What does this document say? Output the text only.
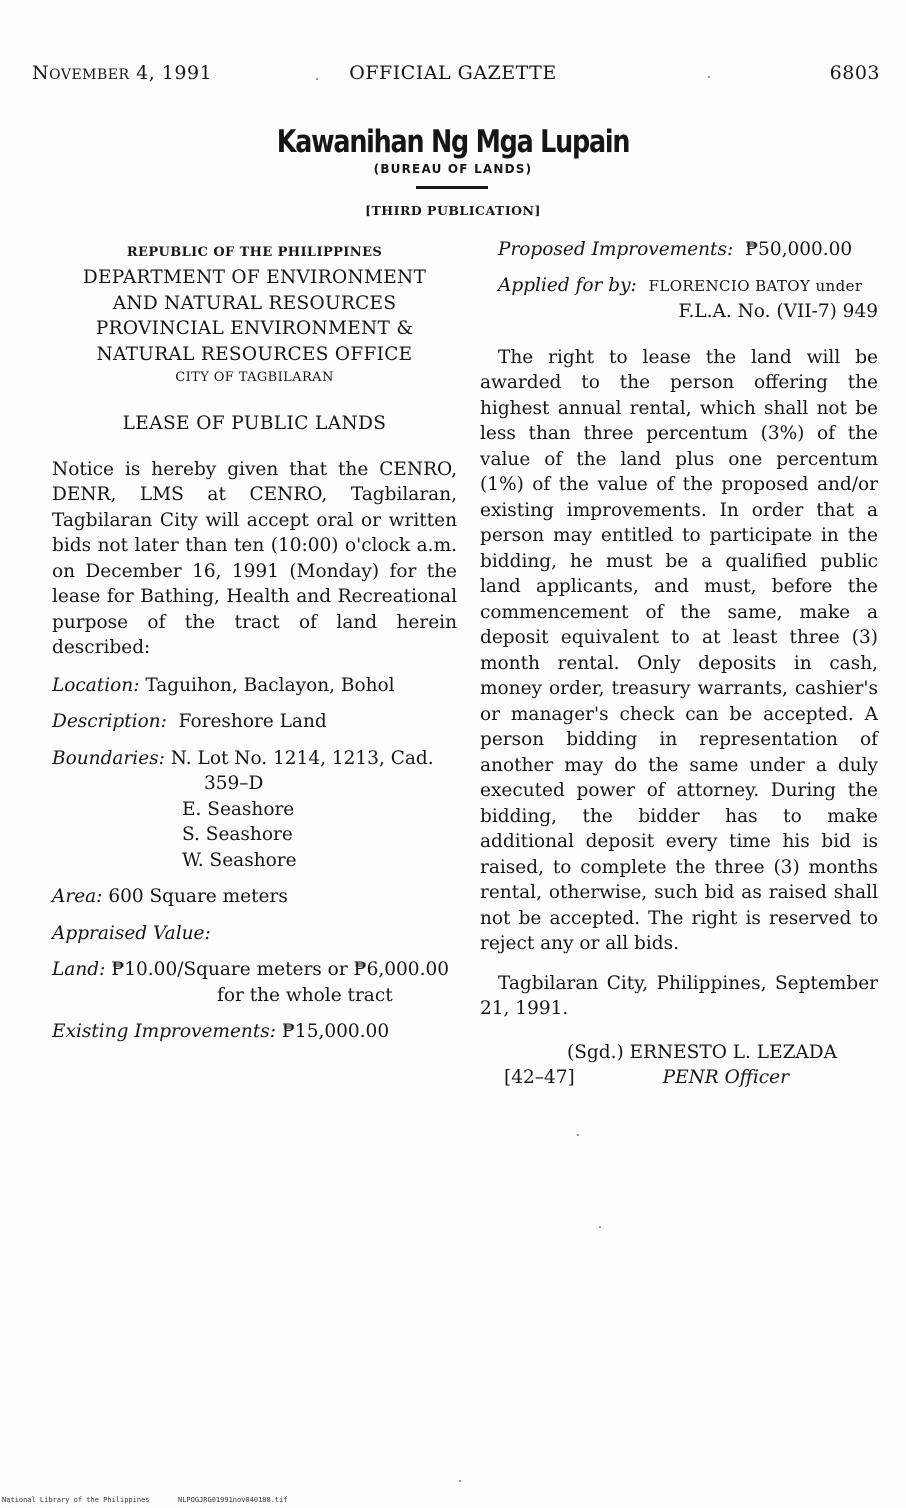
NOVEMBER 4, 1991	OFFICIAL GAZETTE	6803
Kawanihan Ng Mga Lupain
(BUREAU OF LANDS)
[THIRD PUBLICATION]
REPUBLIC OF THE PHILIPPINES
DEPARTMENT OF ENVIRONMENT
AND NATURAL RESOURCES
PROVINCIAL ENVIRONMENT &
NATURAL RESOURCES OFFICE
CITY OF TAGBILARAN
LEASE OF PUBLIC LANDS
Notice is hereby given that the CENRO, DENR, LMS at CENRO, Tagbilaran, Tagbilaran City will accept oral or written bids not later than ten (10:00) o'clock a.m. on December 16, 1991 (Monday) for the lease for Bathing, Health and Recreational purpose of the tract of land herein described:
Location: Taguihon, Baclayon, Bohol
Description: Foreshore Land
Boundaries: N. Lot No. 1214, 1213, Cad.
359–D
E. Seashore
S. Seashore
W. Seashore
Area: 600 Square meters
Appraised Value:
Land: ₱10.00/Square meters or ₱6,000.00
for the whole tract
Existing Improvements: ₱15,000.00
Proposed Improvements: ₱50,000.00
Applied for by: FLORENCIO BATOY under
F.L.A. No. (VII-7) 949
The right to lease the land will be awarded to the person offering the highest annual rental, which shall not be less than three percentum (3%) of the value of the land plus one percentum (1%) of the value of the proposed and/or existing improvements. In order that a person may entitled to participate in the bidding, he must be a qualified public land applicants, and must, before the commencement of the same, make a deposit equivalent to at least three (3) month rental. Only deposits in cash, money order, treasury warrants, cashier's or manager's check can be accepted. A person bidding in representation of another may do the same under a duly executed power of attorney. During the bidding, the bidder has to make additional deposit every time his bid is raised, to complete the three (3) months rental, otherwise, such bid as raised shall not be accepted. The right is reserved to reject any or all bids.
Tagbilaran City, Philippines, September 21, 1991.
(Sgd.) ERNESTO L. LEZADA
[42–47]	PENR Officer
National Library of the Philippines	NLPOGJRG01991nov040188.tif
